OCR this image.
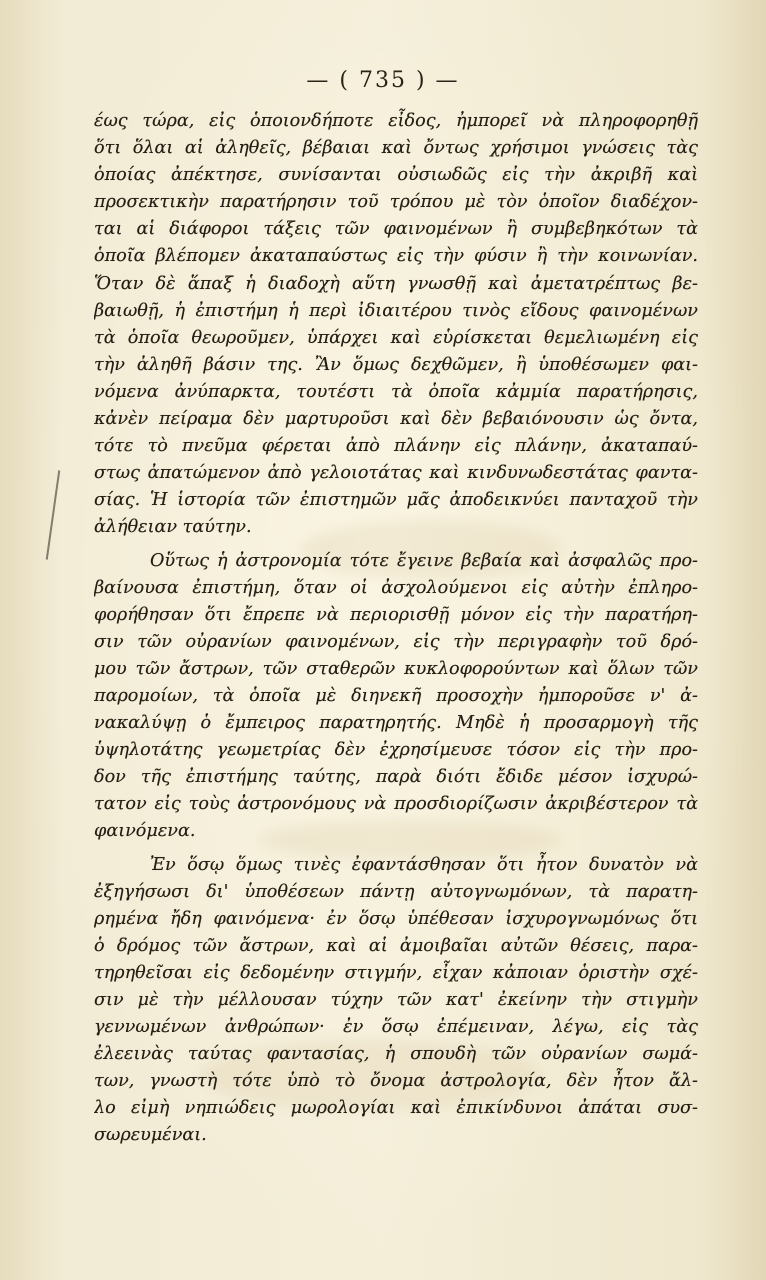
— ( 735 ) —
έως τώρα, εἰς ὁποιονδήποτε εἶδος, ἠμπορεῖ νὰ πληροφορηθῇ
ὅτι ὅλαι αἱ ἀληθεῖς, βέβαιαι καὶ ὄντως χρήσιμοι γνώσεις τὰς
ὁποίας ἀπέκτησε, συνίσανται οὐσιωδῶς εἰς τὴν ἀκριβῆ καὶ
προσεκτικὴν παρατήρησιν τοῦ τρόπου μὲ τὸν ὁποῖον διαδέχον-
ται αἱ διάφοροι τάξεις τῶν φαινομένων ἢ συμβεβηκότων τὰ
ὁποῖα βλέπομεν ἀκαταπαύστως εἰς τὴν φύσιν ἢ τὴν κοινωνίαν.
Ὅταν δὲ ἅπαξ ἡ διαδοχὴ αὕτη γνωσθῇ καὶ ἀμετατρέπτως βε-
βαιωθῇ, ἡ ἐπιστήμη ἡ περὶ ἰδιαιτέρου τινὸς εἴδους φαινομένων
τὰ ὁποῖα θεωροῦμεν, ὑπάρχει καὶ εὑρίσκεται θεμελιωμένη εἰς
τὴν ἀληθῆ βάσιν της. Ἂν ὅμως δεχθῶμεν, ἢ ὑποθέσωμεν φαι-
νόμενα ἀνύπαρκτα, τουτέστι τὰ ὁποῖα κἀμμία παρατήρησις,
κἀνὲν πείραμα δὲν μαρτυροῦσι καὶ δὲν βεβαιόνουσιν ὡς ὄντα,
τότε τὸ πνεῦμα φέρεται ἀπὸ πλάνην εἰς πλάνην, ἀκαταπαύ-
στως ἀπατώμενον ἀπὸ γελοιοτάτας καὶ κινδυνωδεστάτας φαντα-
σίας. Ἡ ἱστορία τῶν ἐπιστημῶν μᾶς ἀποδεικνύει πανταχοῦ τὴν
ἀλήθειαν ταύτην.
Οὕτως ἡ ἀστρονομία τότε ἔγεινε βεβαία καὶ ἀσφαλῶς προ-
βαίνουσα ἐπιστήμη, ὅταν οἱ ἀσχολούμενοι εἰς αὐτὴν ἐπληρο-
φορήθησαν ὅτι ἔπρεπε νὰ περιορισθῇ μόνον εἰς τὴν παρατήρη-
σιν τῶν οὐρανίων φαινομένων, εἰς τὴν περιγραφὴν τοῦ δρό-
μου τῶν ἄστρων, τῶν σταθερῶν κυκλοφορούντων καὶ ὅλων τῶν
παρομοίων, τὰ ὁποῖα μὲ διηνεκῆ προσοχὴν ἠμποροῦσε ν' ἀ-
νακαλύψῃ ὁ ἔμπειρος παρατηρητής. Μηδὲ ἡ προσαρμογὴ τῆς
ὑψηλοτάτης γεωμετρίας δὲν ἐχρησίμευσε τόσον εἰς τὴν προ-
δον τῆς ἐπιστήμης ταύτης, παρὰ διότι ἔδιδε μέσον ἰσχυρώ-
τατον εἰς τοὺς ἀστρονόμους νὰ προσδιορίζωσιν ἀκριβέστερον τὰ
φαινόμενα.
Ἐν ὅσῳ ὅμως τινὲς ἐφαντάσθησαν ὅτι ἦτον δυνατὸν νὰ
ἐξηγήσωσι δι' ὑποθέσεων πάντῃ αὐτογνωμόνων, τὰ παρατη-
ρημένα ἤδη φαινόμενα· ἐν ὅσῳ ὑπέθεσαν ἰσχυρογνωμόνως ὅτι
ὁ δρόμος τῶν ἄστρων, καὶ αἱ ἀμοιβαῖαι αὐτῶν θέσεις, παρα-
τηρηθεῖσαι εἰς δεδομένην στιγμήν, εἶχαν κἀποιαν ὁριστὴν σχέ-
σιν μὲ τὴν μέλλουσαν τύχην τῶν κατ' ἐκείνην τὴν στιγμὴν
γεννωμένων ἀνθρώπων· ἐν ὅσῳ ἐπέμειναν, λέγω, εἰς τὰς
ἐλεεινὰς ταύτας φαντασίας, ἡ σπουδὴ τῶν οὐρανίων σωμά-
των, γνωστὴ τότε ὑπὸ τὸ ὄνομα ἀστρολογία, δὲν ἦτον ἄλ-
λο εἰμὴ νηπιώδεις μωρολογίαι καὶ ἐπικίνδυνοι ἀπάται συσ-
σωρευμέναι.
